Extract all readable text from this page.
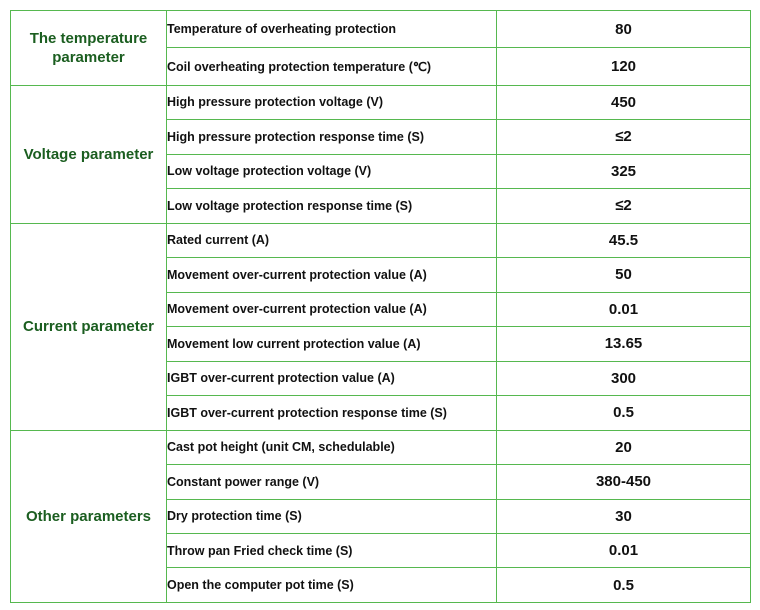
The temperature parameter	Temperature of overheating protection	80
	Coil overheating protection temperature (℃)	120
Voltage parameter	High pressure protection voltage (V)	450
	High pressure protection response time (S)	≤2
	Low voltage protection voltage (V)	325
	Low voltage protection response time (S)	≤2
Current parameter	Rated current (A)	45.5
	Movement over-current protection value (A)	50
	Movement over-current protection value (A)	0.01
	Movement low current protection value (A)	13.65
	IGBT over-current protection value (A)	300
	IGBT over-current protection response time (S)	0.5
Other parameters	Cast pot height (unit CM, schedulable)	20
	Constant power range (V)	380-450
	Dry protection time (S)	30
	Throw pan Fried check time (S)	0.01
	Open the computer pot time (S)	0.5
